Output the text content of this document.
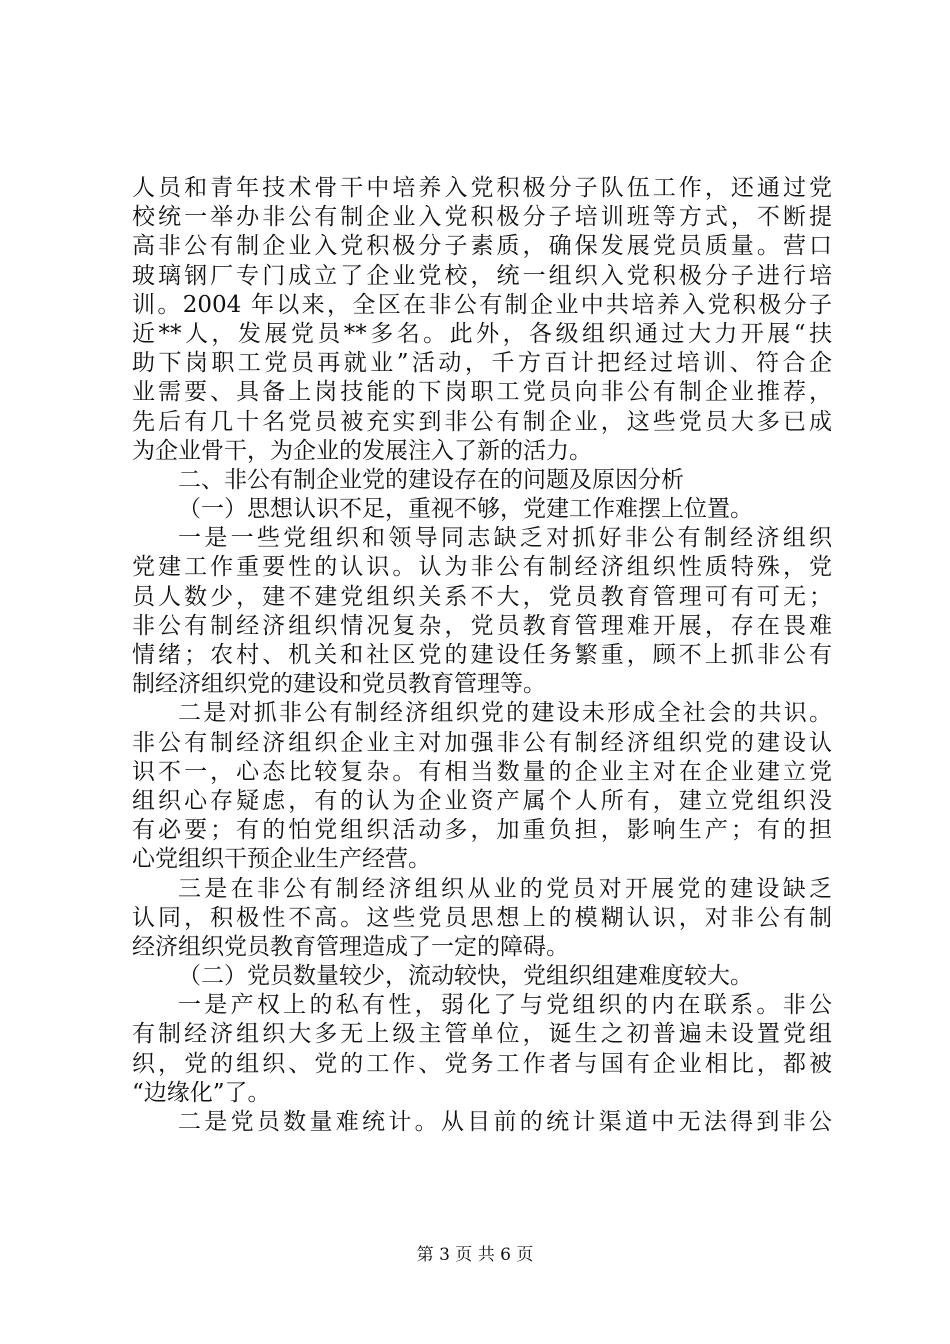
人员和青年技术骨干中培养入党积极分子队伍工作，还通过党
校统一举办非公有制企业入党积极分子培训班等方式，不断提
高非公有制企业入党积极分子素质，确保发展党员质量。营口
玻璃钢厂专门成立了企业党校，统一组织入党积极分子进行培
训。2004 年以来，全区在非公有制企业中共培养入党积极分子
近**人，发展党员**多名。此外，各级组织通过大力开展“扶
助下岗职工党员再就业”活动，千方百计把经过培训、符合企
业需要、具备上岗技能的下岗职工党员向非公有制企业推荐，
先后有几十名党员被充实到非公有制企业，这些党员大多已成
为企业骨干，为企业的发展注入了新的活力。
二、非公有制企业党的建设存在的问题及原因分析
（一）思想认识不足，重视不够，党建工作难摆上位置。
一是一些党组织和领导同志缺乏对抓好非公有制经济组织
党建工作重要性的认识。认为非公有制经济组织性质特殊，党
员人数少，建不建党组织关系不大，党员教育管理可有可无；
非公有制经济组织情况复杂，党员教育管理难开展，存在畏难
情绪；农村、机关和社区党的建设任务繁重，顾不上抓非公有
制经济组织党的建设和党员教育管理等。
二是对抓非公有制经济组织党的建设未形成全社会的共识。
非公有制经济组织企业主对加强非公有制经济组织党的建设认
识不一，心态比较复杂。有相当数量的企业主对在企业建立党
组织心存疑虑，有的认为企业资产属个人所有，建立党组织没
有必要；有的怕党组织活动多，加重负担，影响生产；有的担
心党组织干预企业生产经营。
三是在非公有制经济组织从业的党员对开展党的建设缺乏
认同，积极性不高。这些党员思想上的模糊认识，对非公有制
经济组织党员教育管理造成了一定的障碍。
（二）党员数量较少，流动较快，党组织组建难度较大。
一是产权上的私有性，弱化了与党组织的内在联系。非公
有制经济组织大多无上级主管单位，诞生之初普遍未设置党组
织，党的组织、党的工作、党务工作者与国有企业相比，都被
“边缘化”了。
二是党员数量难统计。从目前的统计渠道中无法得到非公
第 3 页 共 6 页
